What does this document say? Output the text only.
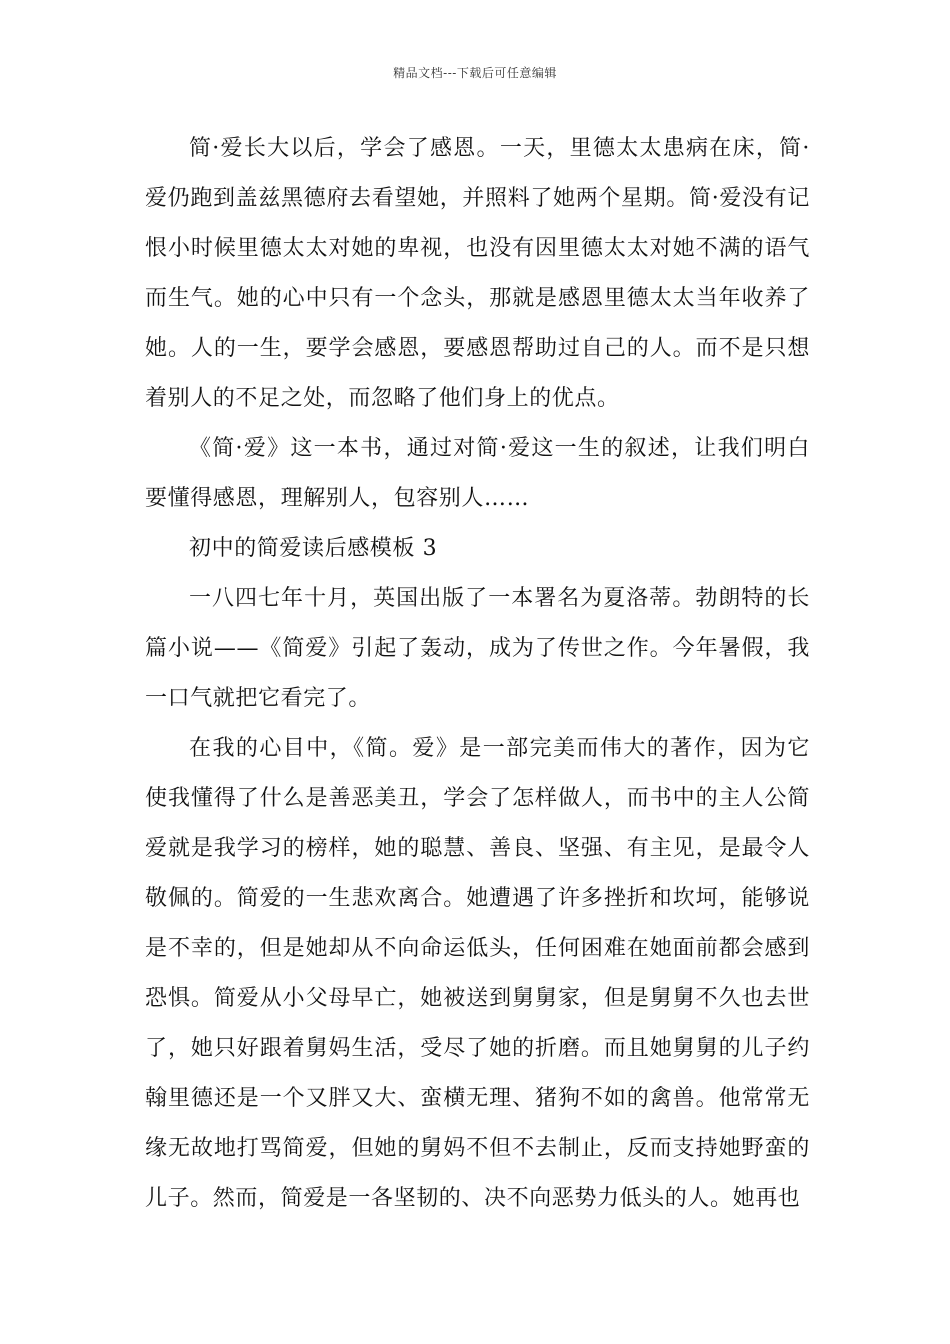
精品文档---下载后可任意编辑

简·爱长大以后，学会了感恩。一天，里德太太患病在床，简·爱仍跑到盖兹黑德府去看望她，并照料了她两个星期。简·爱没有记恨小时候里德太太对她的卑视，也没有因里德太太对她不满的语气而生气。她的心中只有一个念头，那就是感恩里德太太当年收养了她。人的一生，要学会感恩，要感恩帮助过自己的人。而不是只想着别人的不足之处，而忽略了他们身上的优点。

《简·爱》这一本书，通过对简·爱这一生的叙述，让我们明白要懂得感恩，理解别人，包容别人……

初中的简爱读后感模板 3

一八四七年十月，英国出版了一本署名为夏洛蒂。勃朗特的长篇小说——《简爱》引起了轰动，成为了传世之作。今年暑假，我一口气就把它看完了。

在我的心目中，《简。爱》是一部完美而伟大的著作，因为它使我懂得了什么是善恶美丑，学会了怎样做人，而书中的主人公简爱就是我学习的榜样，她的聪慧、善良、坚强、有主见，是最令人敬佩的。简爱的一生悲欢离合。她遭遇了许多挫折和坎坷，能够说是不幸的，但是她却从不向命运低头，任何困难在她面前都会感到恐惧。简爱从小父母早亡，她被送到舅舅家，但是舅舅不久也去世了，她只好跟着舅妈生活，受尽了她的折磨。而且她舅舅的儿子约翰里德还是一个又胖又大、蛮横无理、猪狗不如的禽兽。他常常无缘无故地打骂简爱，但她的舅妈不但不去制止，反而支持她野蛮的儿子。然而，简爱是一各坚韧的、决不向恶势力低头的人。她再也
